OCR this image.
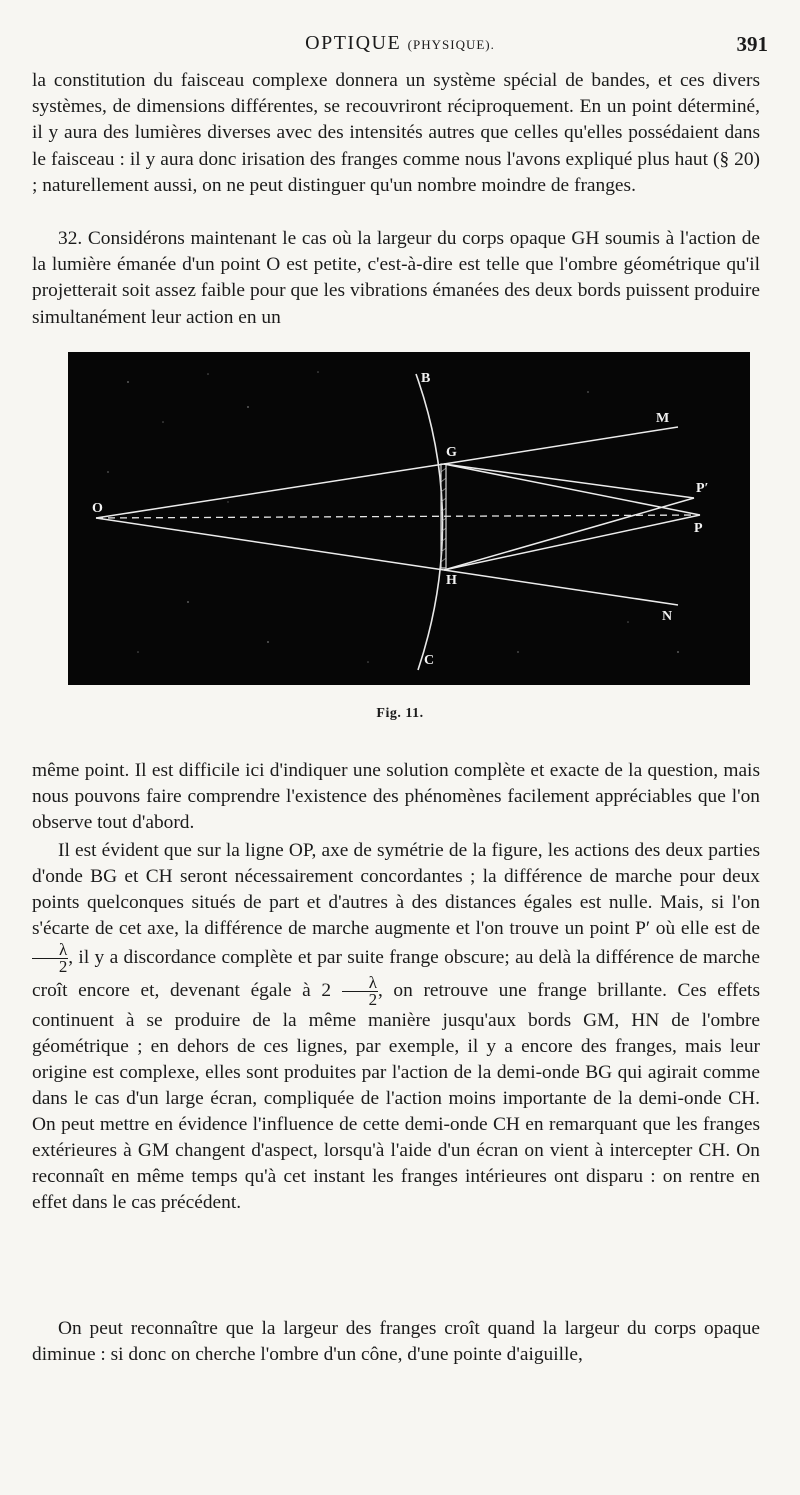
OPTIQUE (PHYSIQUE).	391

la constitution du faisceau complexe donnera un système spécial de bandes, et ces divers systèmes, de dimensions différentes, se recouvriront réciproquement. En un point déterminé, il y aura des lumières diverses avec des intensités autres que celles qu'elles possédaient dans le faisceau : il y aura donc irisation des franges comme nous l'avons expliqué plus haut (§ 20) ; naturellement aussi, on ne peut distinguer qu'un nombre moindre de franges.

32. Considérons maintenant le cas où la largeur du corps opaque GH soumis à l'action de la lumière émanée d'un point O est petite, c'est-à-dire est telle que l'ombre géométrique qu'il projetterait soit assez faible pour que les vibrations émanées des deux bords puissent produire simultanément leur action en un

B
C
G
H
M
N
O
P
P′
Fig. 11.

même point. Il est difficile ici d'indiquer une solution complète et exacte de la question, mais nous pouvons faire comprendre l'existence des phénomènes facilement appréciables que l'on observe tout d'abord.

Il est évident que sur la ligne OP, axe de symétrie de la figure, les actions des deux parties d'onde BG et CH seront nécessairement concordantes ; la différence de marche pour deux points quelconques situés de part et d'autres à des distances égales est nulle. Mais, si l'on s'écarte de cet axe, la différence de marche augmente et l'on trouve un point P′ où elle est de
$\frac{\lambda}{2}$ , il y a discordance complète et par suite frange obscure; au delà la différence de marche croît encore et, devenant égale à $2 \frac{\lambda}{2}$ , on retrouve une frange brillante. Ces effets continuent à se produire de la même manière jusqu'aux bords GM, HN de l'ombre géométrique ; en dehors de ces lignes, par exemple, il y a encore des franges, mais leur origine est complexe, elles sont produites par l'action de la demi-onde BG qui agirait comme dans le cas d'un large écran, compliquée de l'action moins importante de la demi-onde CH. On peut mettre en évidence l'influence de cette demi-onde CH en remarquant que les franges extérieures à GM changent d'aspect, lorsqu'à l'aide d'un écran on vient à intercepter CH. On reconnaît en même temps qu'à cet instant les franges intérieures ont disparu : on rentre en effet dans le cas précédent.

On peut reconnaître que la largeur des franges croît quand la largeur du corps opaque diminue : si donc on cherche l'ombre d'un cône, d'une pointe d'aiguille,
